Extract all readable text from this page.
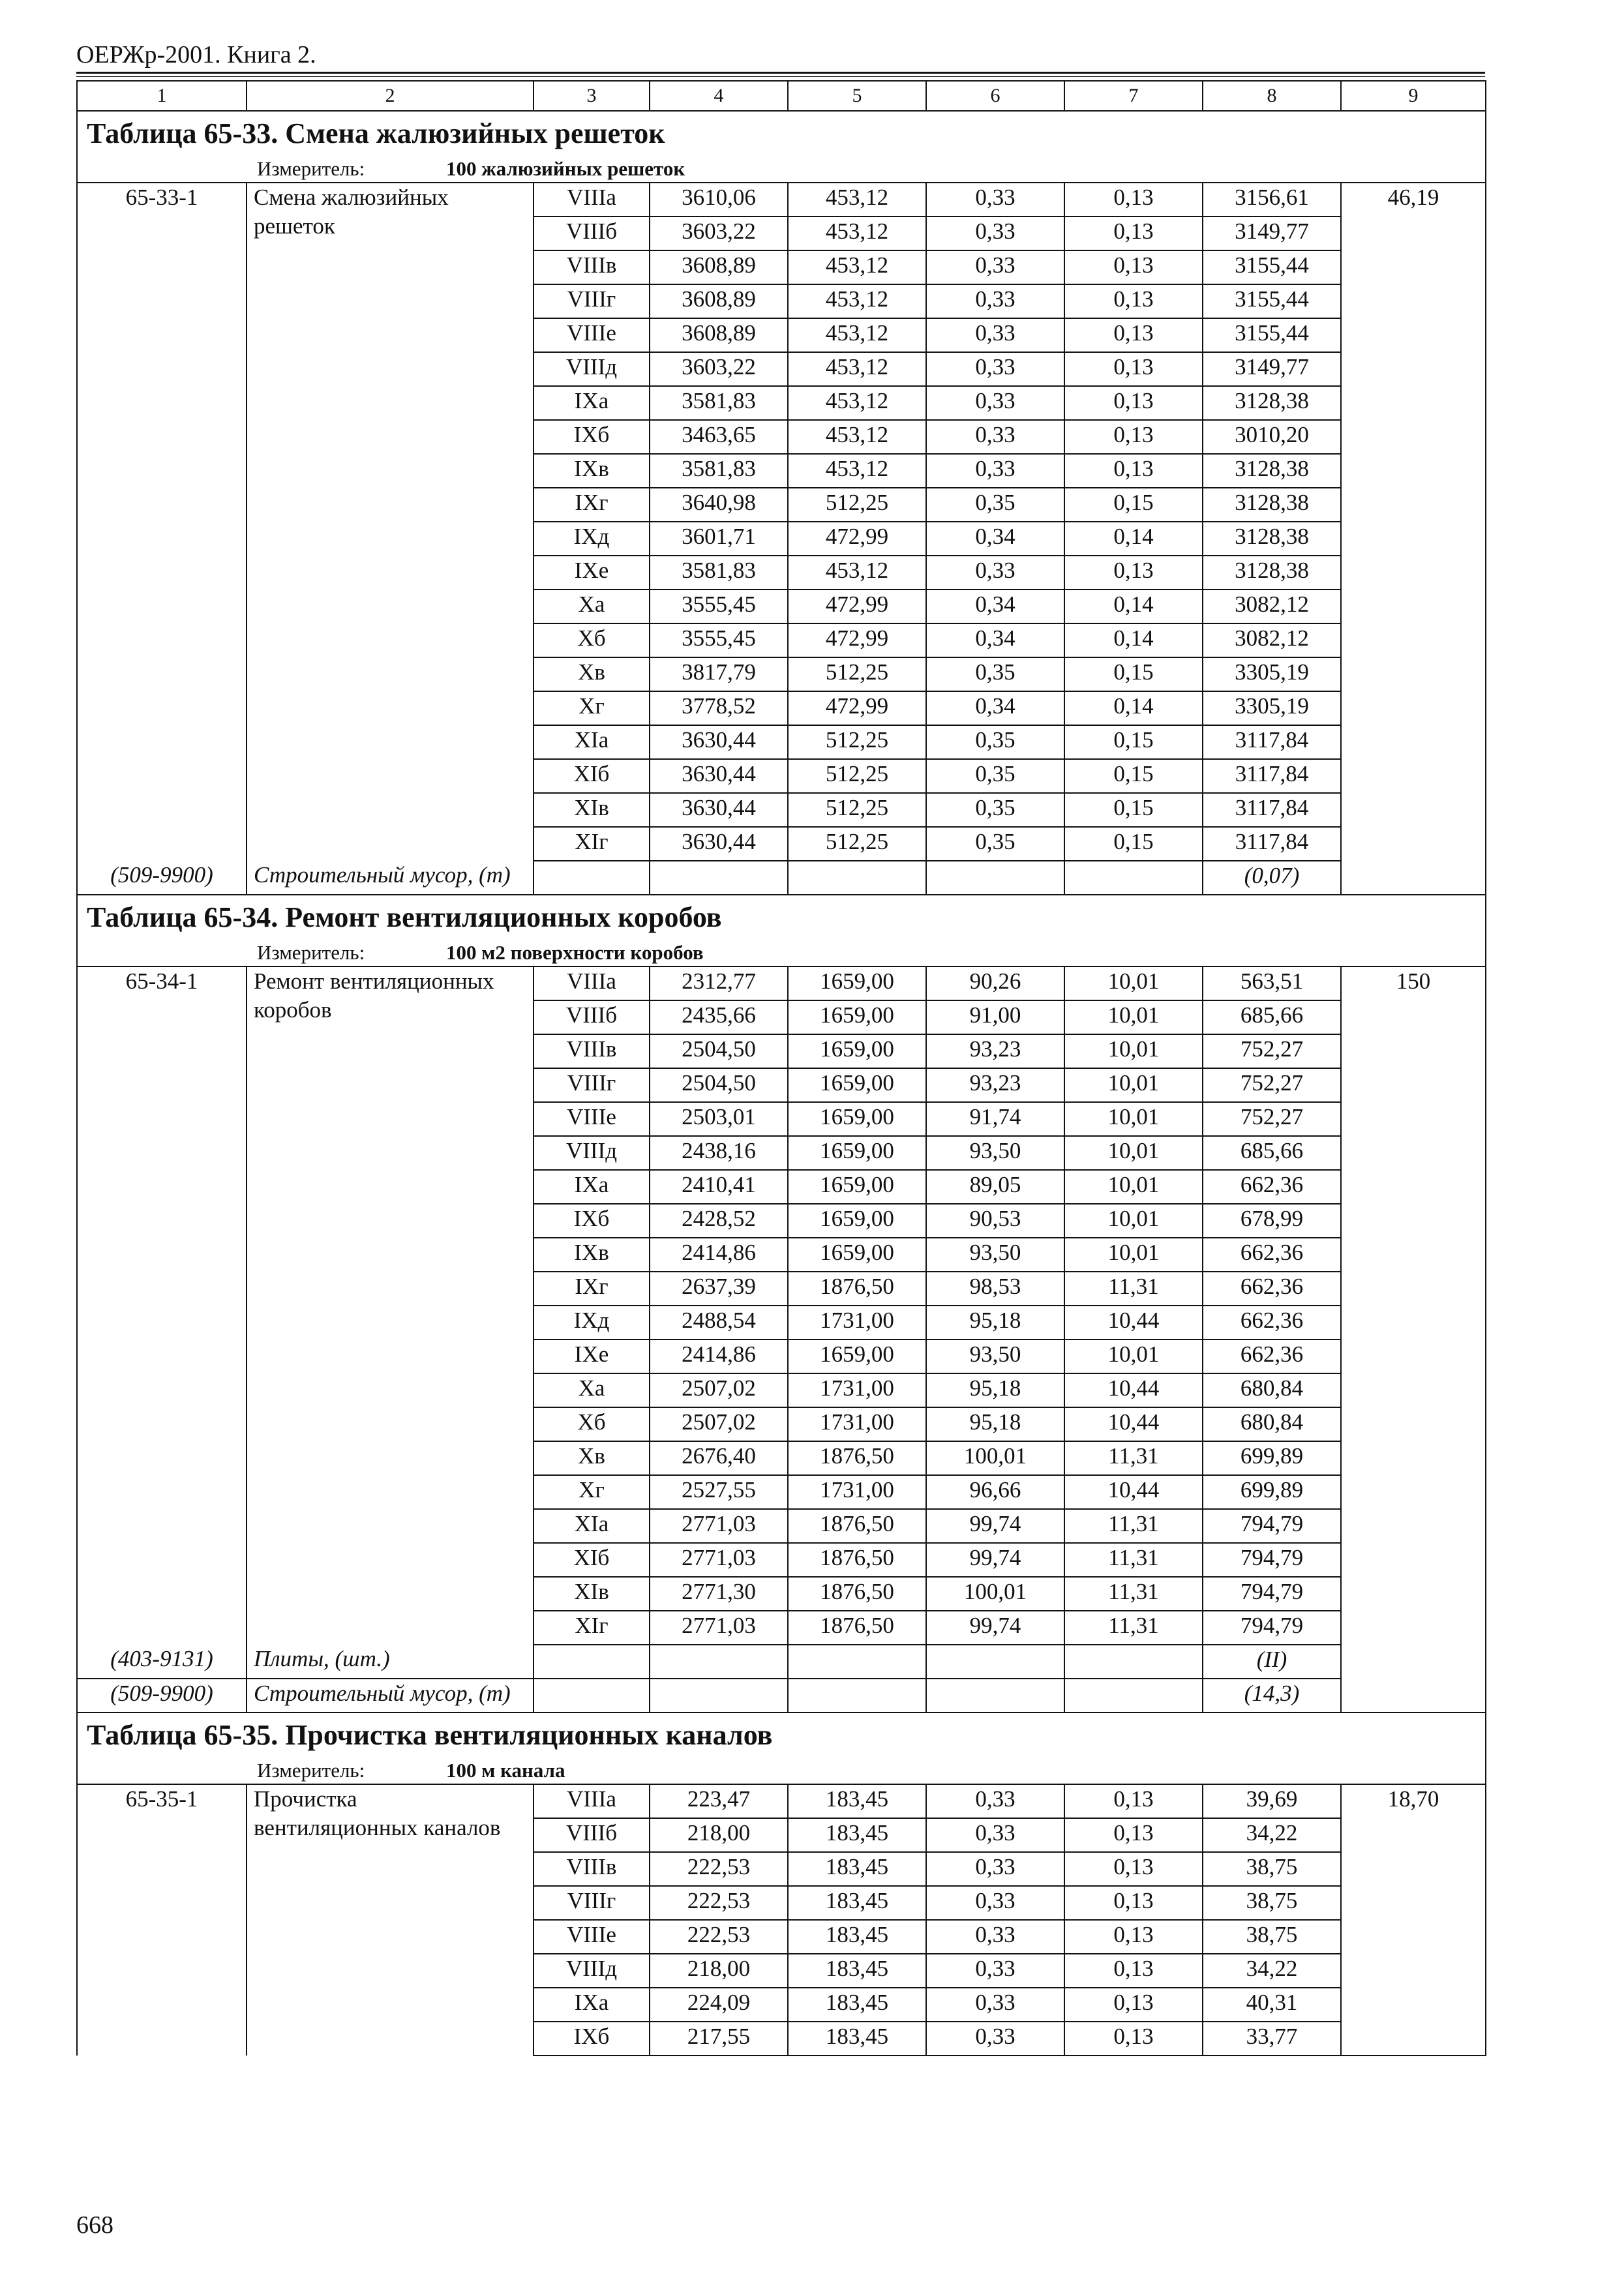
ОЕРЖр-2001. Книга 2.
1	2	3	4	5	6	7	8	9
Таблица 65-33. Смена жалюзийных решеток								
Измеритель: 100 жалюзийных решеток								
65-33-1	Смена жалюзийных решеток	VIIIа	3610,06	453,12	0,33	0,13	3156,61	46,19
		VIIIб	3603,22	453,12	0,33	0,13	3149,77	
		VIIIв	3608,89	453,12	0,33	0,13	3155,44	
		VIIIг	3608,89	453,12	0,33	0,13	3155,44	
		VIIIе	3608,89	453,12	0,33	0,13	3155,44	
		VIIIд	3603,22	453,12	0,33	0,13	3149,77	
		IXа	3581,83	453,12	0,33	0,13	3128,38	
		IXб	3463,65	453,12	0,33	0,13	3010,20	
		IXв	3581,83	453,12	0,33	0,13	3128,38	
		IXг	3640,98	512,25	0,35	0,15	3128,38	
		IXд	3601,71	472,99	0,34	0,14	3128,38	
		IXе	3581,83	453,12	0,33	0,13	3128,38	
		Xа	3555,45	472,99	0,34	0,14	3082,12	
		Xб	3555,45	472,99	0,34	0,14	3082,12	
		Xв	3817,79	512,25	0,35	0,15	3305,19	
		Xг	3778,52	472,99	0,34	0,14	3305,19	
		XIа	3630,44	512,25	0,35	0,15	3117,84	
		XIб	3630,44	512,25	0,35	0,15	3117,84	
		XIв	3630,44	512,25	0,35	0,15	3117,84	
		XIг	3630,44	512,25	0,35	0,15	3117,84	
(509-9900)	Строительный мусор, (т)						(0,07)	
Таблица 65-34. Ремонт вентиляционных коробов								
Измеритель: 100 м2 поверхности коробов								
65-34-1	Ремонт вентиляционных коробов	VIIIа	2312,77	1659,00	90,26	10,01	563,51	150
		VIIIб	2435,66	1659,00	91,00	10,01	685,66	
		VIIIв	2504,50	1659,00	93,23	10,01	752,27	
		VIIIг	2504,50	1659,00	93,23	10,01	752,27	
		VIIIе	2503,01	1659,00	91,74	10,01	752,27	
		VIIIд	2438,16	1659,00	93,50	10,01	685,66	
		IXа	2410,41	1659,00	89,05	10,01	662,36	
		IXб	2428,52	1659,00	90,53	10,01	678,99	
		IXв	2414,86	1659,00	93,50	10,01	662,36	
		IXг	2637,39	1876,50	98,53	11,31	662,36	
		IXд	2488,54	1731,00	95,18	10,44	662,36	
		IXе	2414,86	1659,00	93,50	10,01	662,36	
		Xа	2507,02	1731,00	95,18	10,44	680,84	
		Xб	2507,02	1731,00	95,18	10,44	680,84	
		Xв	2676,40	1876,50	100,01	11,31	699,89	
		Xг	2527,55	1731,00	96,66	10,44	699,89	
		XIа	2771,03	1876,50	99,74	11,31	794,79	
		XIб	2771,03	1876,50	99,74	11,31	794,79	
		XIв	2771,30	1876,50	100,01	11,31	794,79	
		XIг	2771,03	1876,50	99,74	11,31	794,79	
(403-9131)	Плиты, (шт.)						(II)	
(509-9900)	Строительный мусор, (т)						(14,3)	
Таблица 65-35. Прочистка вентиляционных каналов								
Измеритель: 100 м канала								
65-35-1	Прочистка вентиляционных каналов	VIIIа	223,47	183,45	0,33	0,13	39,69	18,70
		VIIIб	218,00	183,45	0,33	0,13	34,22	
		VIIIв	222,53	183,45	0,33	0,13	38,75	
		VIIIг	222,53	183,45	0,33	0,13	38,75	
		VIIIе	222,53	183,45	0,33	0,13	38,75	
		VIIIд	218,00	183,45	0,33	0,13	34,22	
		IXа	224,09	183,45	0,33	0,13	40,31	
		IXб	217,55	183,45	0,33	0,13	33,77	
668
